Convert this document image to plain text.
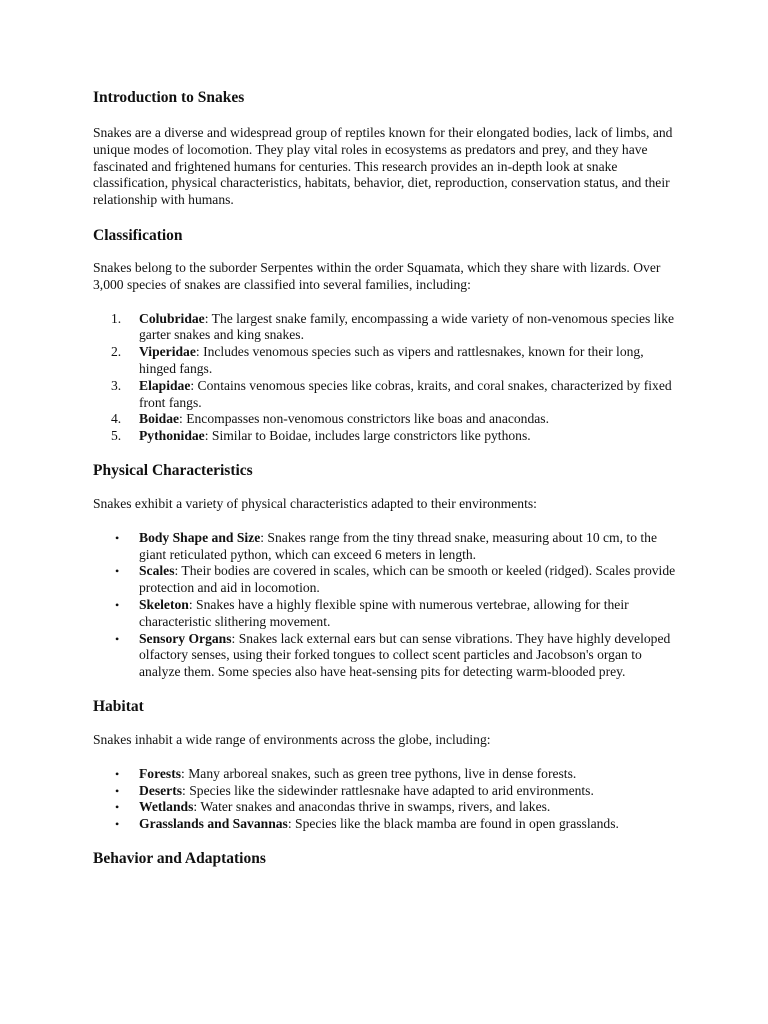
Introduction to Snakes

Snakes are a diverse and widespread group of reptiles known for their elongated bodies, lack of limbs, and unique modes of locomotion. They play vital roles in ecosystems as predators and prey, and they have fascinated and frightened humans for centuries. This research provides an in-depth look at snake classification, physical characteristics, habitats, behavior, diet, reproduction, conservation status, and their relationship with humans.

Classification

Snakes belong to the suborder Serpentes within the order Squamata, which they share with lizards. Over 3,000 species of snakes are classified into several families, including:

1. Colubridae: The largest snake family, encompassing a wide variety of non-venomous species like garter snakes and king snakes.
2. Viperidae: Includes venomous species such as vipers and rattlesnakes, known for their long, hinged fangs.
3. Elapidae: Contains venomous species like cobras, kraits, and coral snakes, characterized by fixed front fangs.
4. Boidae: Encompasses non-venomous constrictors like boas and anacondas.
5. Pythonidae: Similar to Boidae, includes large constrictors like pythons.
Physical Characteristics

Snakes exhibit a variety of physical characteristics adapted to their environments:

• Body Shape and Size: Snakes range from the tiny thread snake, measuring about 10 cm, to the giant reticulated python, which can exceed 6 meters in length.
• Scales: Their bodies are covered in scales, which can be smooth or keeled (ridged). Scales provide protection and aid in locomotion.
• Skeleton: Snakes have a highly flexible spine with numerous vertebrae, allowing for their characteristic slithering movement.
• Sensory Organs: Snakes lack external ears but can sense vibrations. They have highly developed olfactory senses, using their forked tongues to collect scent particles and Jacobson's organ to analyze them. Some species also have heat-sensing pits for detecting warm-blooded prey.
Habitat

Snakes inhabit a wide range of environments across the globe, including:

• Forests: Many arboreal snakes, such as green tree pythons, live in dense forests.
• Deserts: Species like the sidewinder rattlesnake have adapted to arid environments.
• Wetlands: Water snakes and anacondas thrive in swamps, rivers, and lakes.
• Grasslands and Savannas: Species like the black mamba are found in open grasslands.
Behavior and Adaptations
